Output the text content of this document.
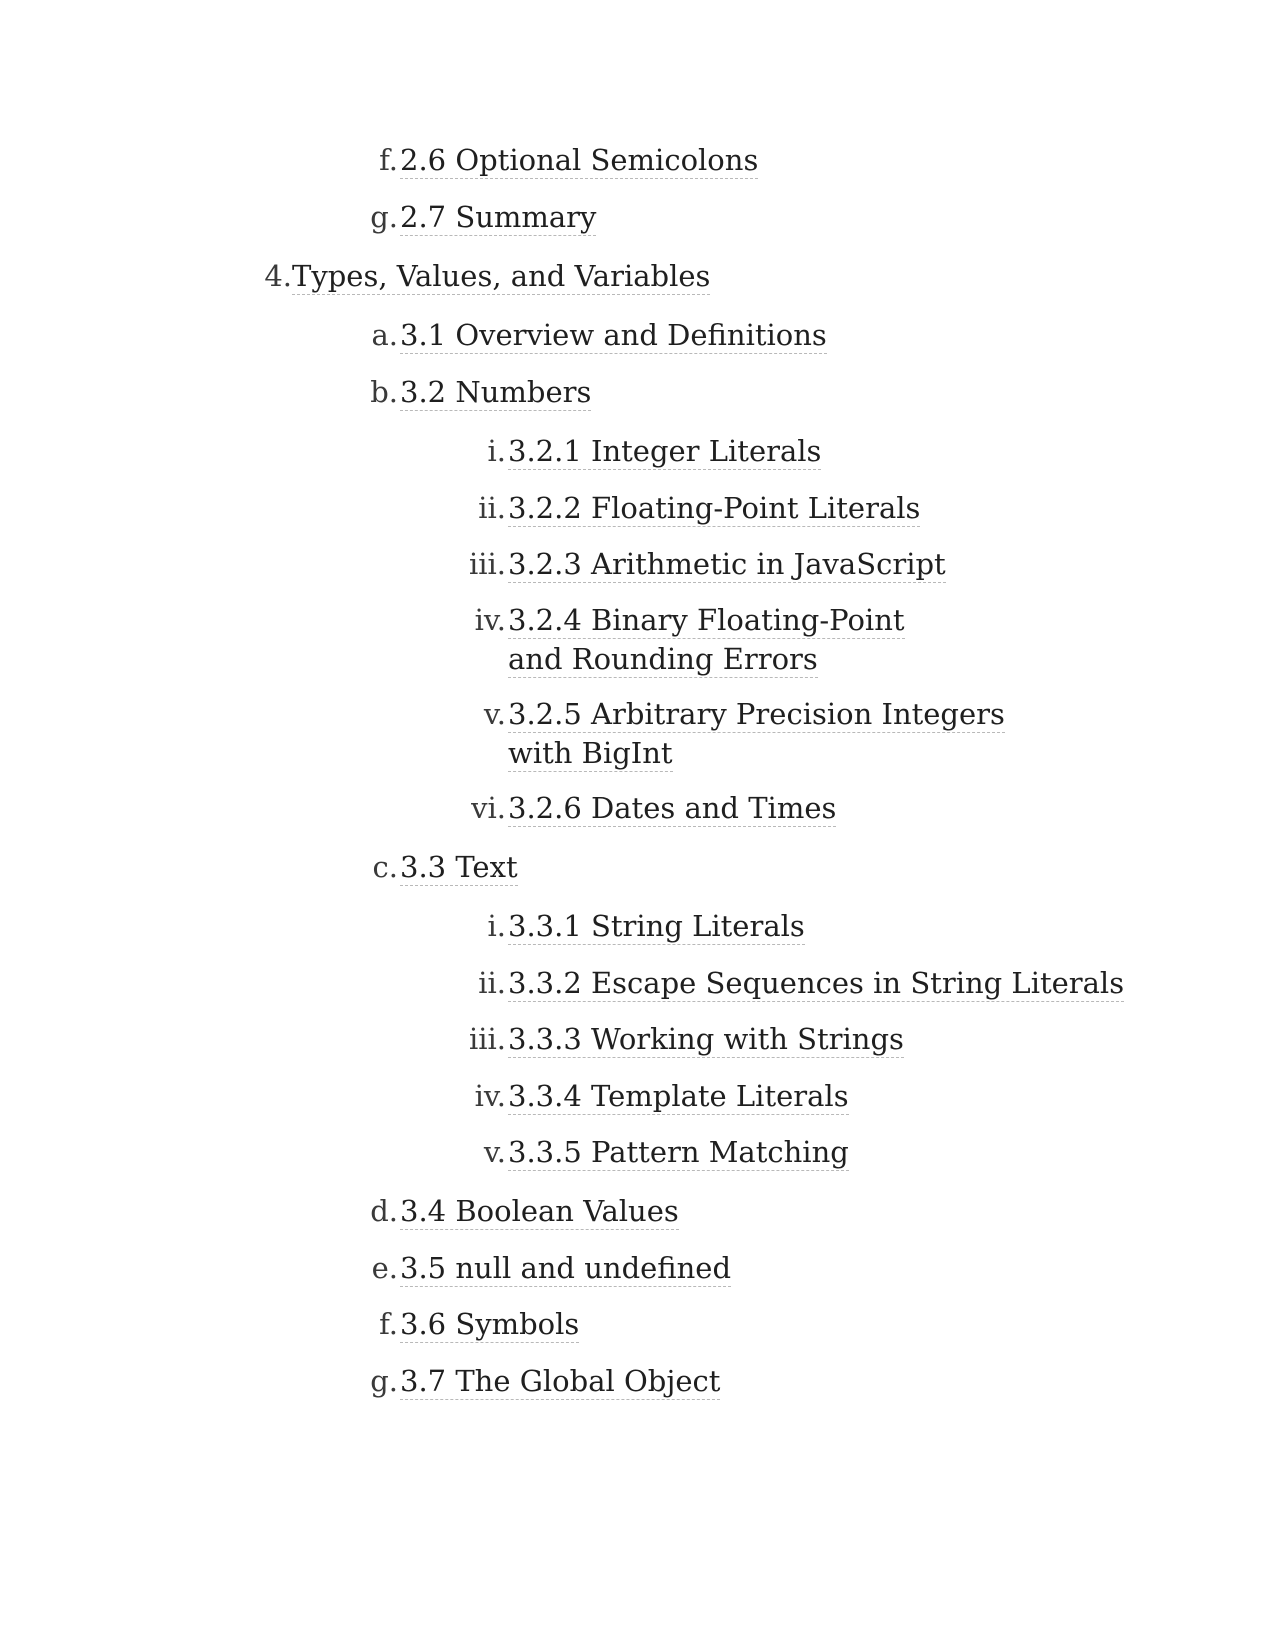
f. 2.6 Optional Semicolons
g. 2.7 Summary
4. Types, Values, and Variables
a. 3.1 Overview and Definitions
b. 3.2 Numbers
i. 3.2.1 Integer Literals
ii. 3.2.2 Floating-Point Literals
iii. 3.2.3 Arithmetic in JavaScript
iv. 3.2.4 Binary Floating-Point and Rounding Errors
v. 3.2.5 Arbitrary Precision Integers with BigInt
vi. 3.2.6 Dates and Times
c. 3.3 Text
i. 3.3.1 String Literals
ii. 3.3.2 Escape Sequences in String Literals
iii. 3.3.3 Working with Strings
iv. 3.3.4 Template Literals
v. 3.3.5 Pattern Matching
d. 3.4 Boolean Values
e. 3.5 null and undefined
f. 3.6 Symbols
g. 3.7 The Global Object
